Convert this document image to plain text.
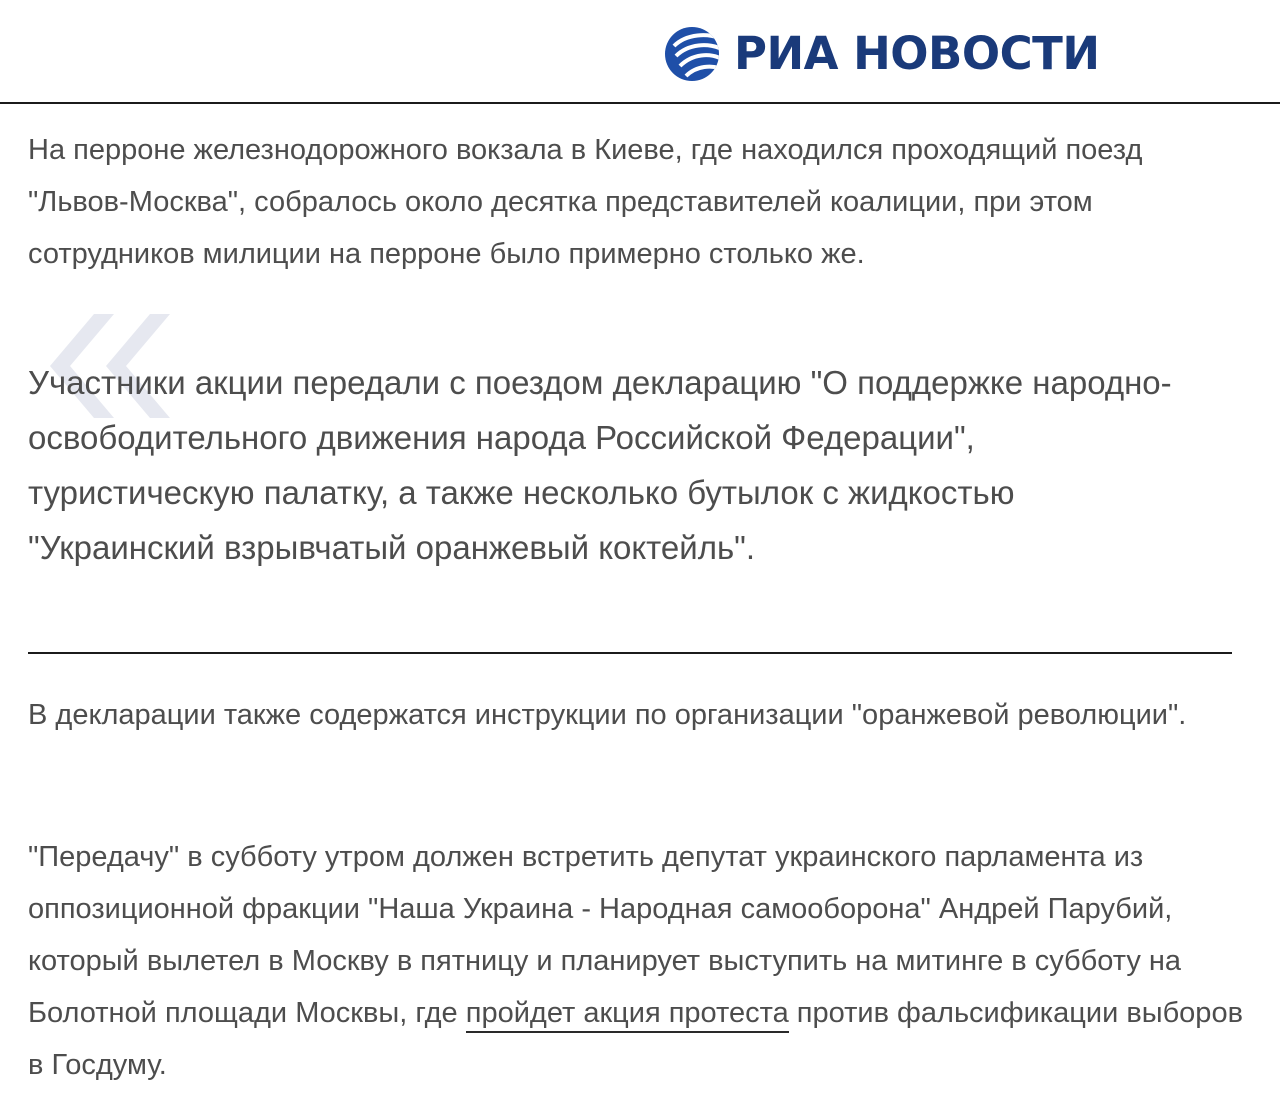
РИА НОВОСТИ

На перроне железнодорожного вокзала в Киеве, где находился проходящий поезд "Львов-Москва", собралось около десятка представителей коалиции, при этом сотрудников милиции на перроне было примерно столько же.

Участники акции передали с поездом декларацию "О поддержке народно-освободительного движения народа Российской Федерации", туристическую палатку, а также несколько бутылок с жидкостью "Украинский взрывчатый оранжевый коктейль".

В декларации также содержатся инструкции по организации "оранжевой революции".

"Передачу" в субботу утром должен встретить депутат украинского парламента из оппозиционной фракции "Наша Украина - Народная самооборона" Андрей Парубий, который вылетел в Москву в пятницу и планирует выступить на митинге в субботу на Болотной площади Москвы, где пройдет акция протеста против фальсификации выборов в Госдуму.
